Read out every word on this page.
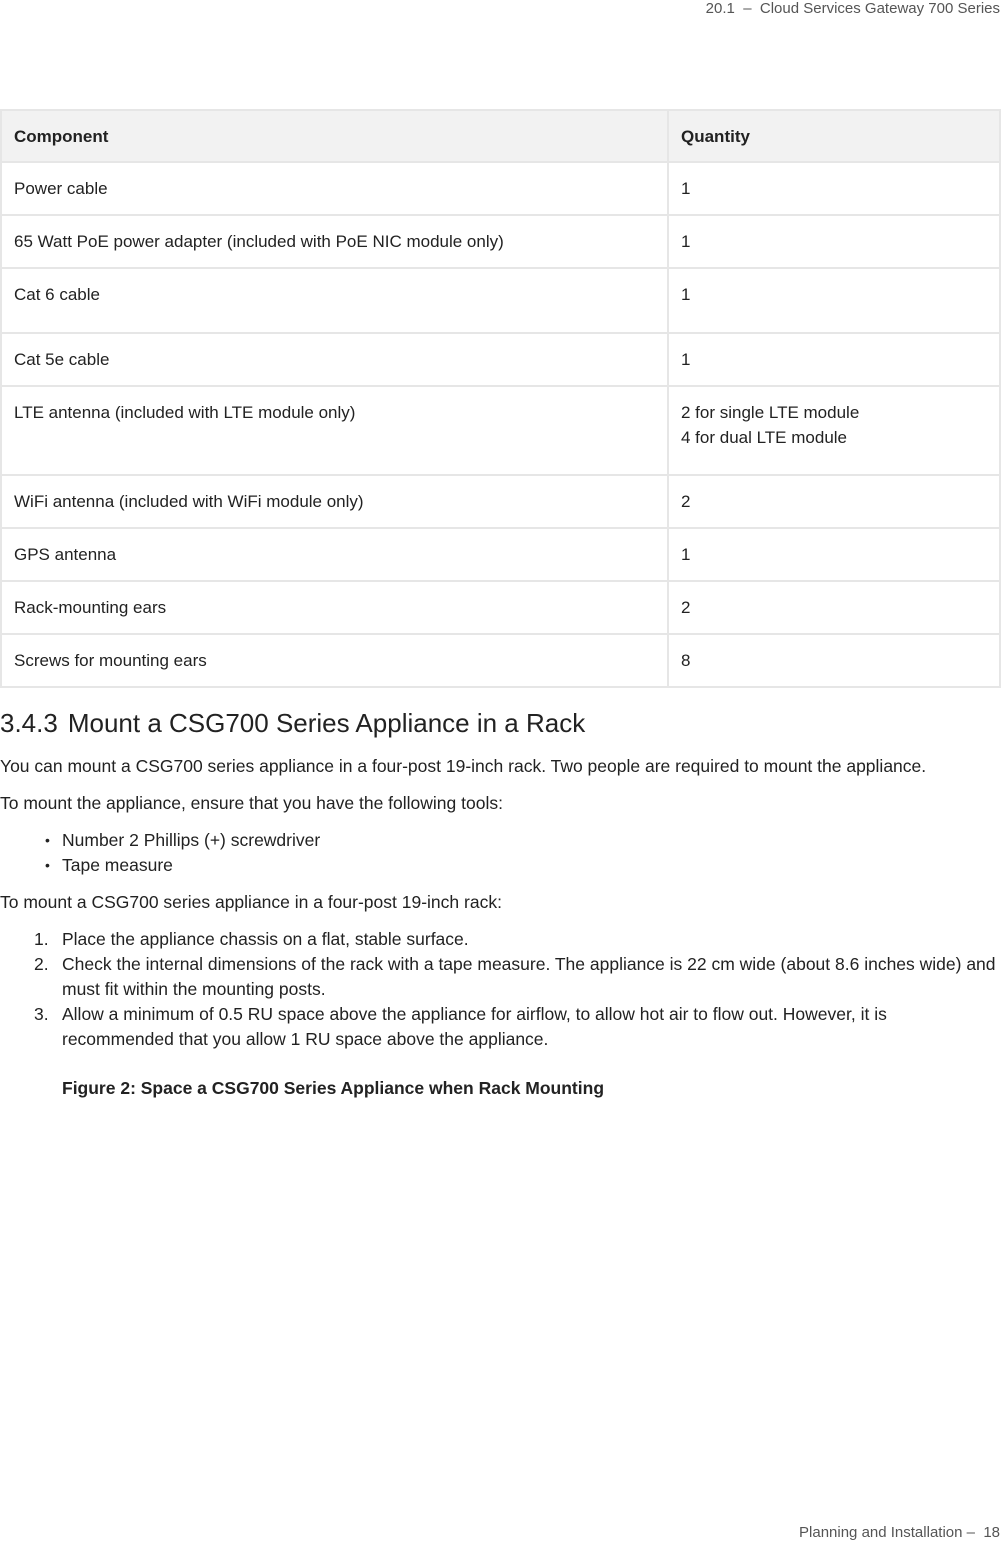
20.1  –  Cloud Services Gateway 700 Series
Component	Quantity
Power cable	1
65 Watt PoE power adapter (included with PoE NIC module only)	1
Cat 6 cable	1
Cat 5e cable	1
LTE antenna (included with LTE module only)	2 for single LTE module
4 for dual LTE module

WiFi antenna (included with WiFi module only)	2
GPS antenna	1
Rack-mounting ears	2
Screws for mounting ears	8
3.4.3 Mount a CSG700 Series Appliance in a Rack

You can mount a CSG700 series appliance in a four-post 19-inch rack. Two people are required to mount the appliance.

To mount the appliance, ensure that you have the following tools:

• Number 2 Phillips (+) screwdriver
• Tape measure

To mount a CSG700 series appliance in a four-post 19-inch rack:

1. Place the appliance chassis on a flat, stable surface.
2. Check the internal dimensions of the rack with a tape measure. The appliance is 22 cm wide (about 8.6 inches wide) and must fit within the mounting posts.
3. Allow a minimum of 0.5 RU space above the appliance for airflow, to allow hot air to flow out. However, it is recommended that you allow 1 RU space above the appliance.
Figure 2: Space a CSG700 Series Appliance when Rack Mounting
Planning and Installation –  18
